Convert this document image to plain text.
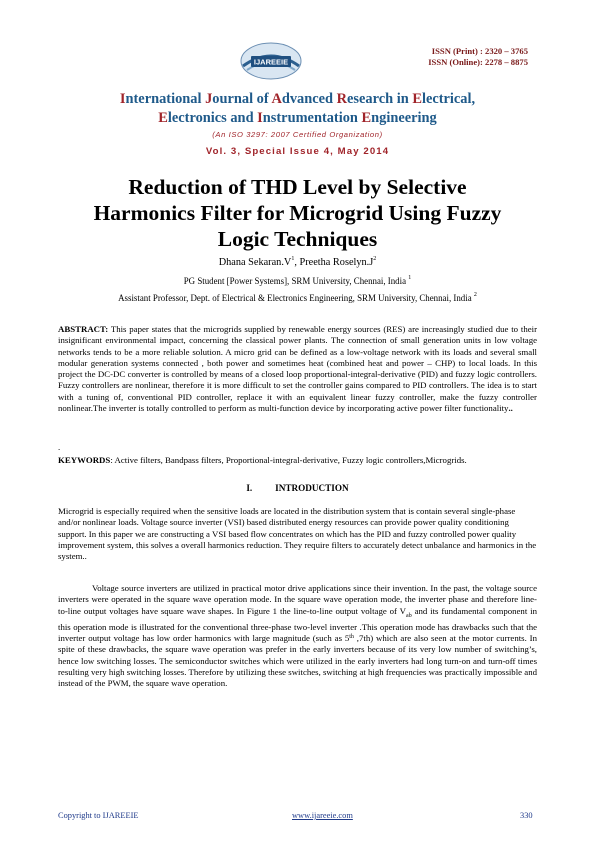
IJAREEIE
ISSN (Print) : 2320 – 3765
ISSN (Online): 2278 – 8875
International Journal of Advanced Research in Electrical,
Electronics and Instrumentation Engineering
(An ISO 3297: 2007 Certified Organization)
Vol. 3, Special Issue 4, May 2014
Reduction of THD Level by Selective
Harmonics Filter for Microgrid Using Fuzzy
Logic Techniques
Dhana $Sekaran.V^1$, Preetha $Roselyn.J^2$
PG Student [Power Systems], SRM University, Chennai, India $^1$
Assistant Professor, Dept. of Electrical & Electronics Engineering, SRM University, Chennai, India $^2$
ABSTRACT: This paper states that the microgrids supplied by renewable energy sources (RES) are increasingly studied due to their insignificant environmental impact, concerning the classical power plants. The connection of small generation units in low voltage networks tends to be a more reliable solution. A micro grid can be defined as a low-voltage network with its loads and several small modular generation systems connected , both power and sometimes heat (combined heat and power – CHP) to local loads. In this project the DC-DC converter is controlled by means of a closed loop proportional-integral-derivative (PID) and fuzzy logic controllers. Fuzzy controllers are nonlinear, therefore it is more difficult to set the controller gains compared to PID controllers. The idea is to start with a tuning of, conventional PID controller, replace it with an equivalent linear fuzzy controller, make the fuzzy controller nonlinear.The inverter is totally controlled to perform as multi-function device by incorporating active power filter functionality..
.
KEYWORDS: Active filters, Bandpass filters, Proportional-integral-derivative, Fuzzy logic controllers,Microgrids.
I. INTRODUCTION
Microgrid is especially required when the sensitive loads are located in the distribution system that is contain several single-phase and/or nonlinear loads. Voltage source inverter (VSI) based distributed energy resources can provide power quality conditioning support. In this paper we are constructing a VSI based flow concentrates on which has the PID and fuzzy controlled power quality improvement system, this solves a overall harmonics reduction. They require filters to accurately detect unbalance and harmonics in the system..
Voltage source inverters are utilized in practical motor drive applications since their invention. In the past, the voltage source inverters were operated in the square wave operation mode. In the square wave operation mode, the inverter phase and therefore line-to-line output voltages have square wave shapes. In Figure 1 the line-to-line output voltage of $V_{ab}$ and its fundamental component in this operation mode is illustrated for the conventional three-phase two-level inverter .This operation mode has drawbacks such that the inverter output voltage has low order harmonics with large magnitude (such as 5th ,7th) which are also seen at the motor currents. In spite of these drawbacks, the square wave operation was prefer in the early inverters because of its very low number of switching’s, hence low switching losses. The semiconductor switches which were utilized in the early inverters had long turn-on and turn-off times resulting very high switching losses. Therefore by utilizing these switches, switching at high frequencies was practically impossible and instead of the PWM, the square wave operation.
Copyright to IJAREEIE	www.ijareeie.com	330
